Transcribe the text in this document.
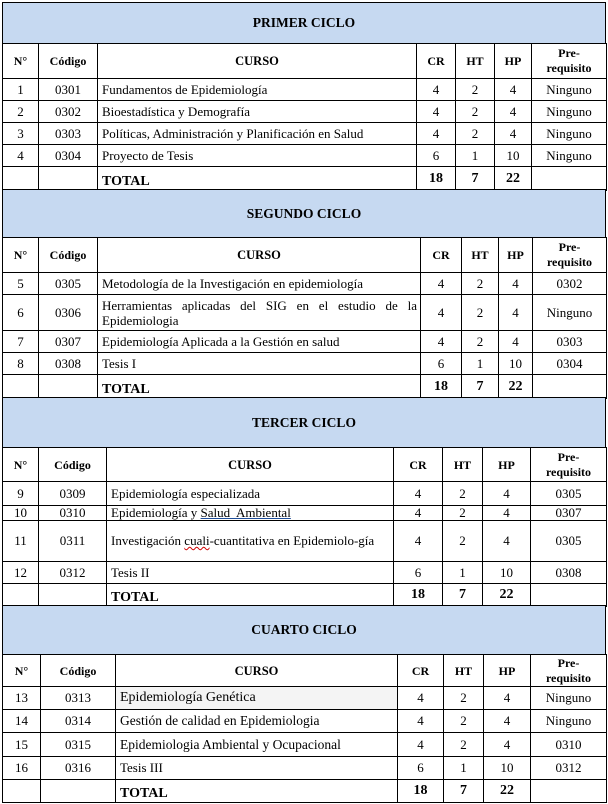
PRIMER CICLO
N°	Código	CURSO	CR	HT	HP	Pre-
requisito
1	0301	Fundamentos de Epidemiología	4	2	4	Ninguno
2	0302	Bioestadística y Demografía	4	2	4	Ninguno
3	0303	Políticas, Administración y Planificación en Salud	4	2	4	Ninguno
4	0304	Proyecto de Tesis	6	1	10	Ninguno
		TOTAL	18	7	22	
SEGUNDO CICLO
N°	Código	CURSO	CR	HT	HP	Pre-
requisito
5	0305	Metodología de la Investigación en epidemiología	4	2	4	0302
6	0306	Herramientas aplicadas del SIG en el estudio de la Epidemiologia	4	2	4	Ninguno
7	0307	Epidemiología Aplicada a la Gestión en salud	4	2	4	0303
8	0308	Tesis I	6	1	10	0304
		TOTAL	18	7	22	
TERCER CICLO
N°	Código	CURSO	CR	HT	HP	Pre-
requisito
9	0309	Epidemiología especializada	4	2	4	0305
10	0310	Epidemiología y Salud  Ambiental	4	2	4	0307
11	0311	Investigación cuali-cuantitativa en Epidemiolo-gía	4	2	4	0305
12	0312	Tesis II	6	1	10	0308
		TOTAL	18	7	22	
CUARTO CICLO
N°	Código	CURSO	CR	HT	HP	Pre-
requisito
13	0313	Epidemiología Genética	4	2	4	Ninguno
14	0314	Gestión de calidad en Epidemiologia	4	2	4	Ninguno
15	0315	Epidemiologia Ambiental y Ocupacional	4	2	4	0310
16	0316	Tesis III	6	1	10	0312
		TOTAL	18	7	22	
